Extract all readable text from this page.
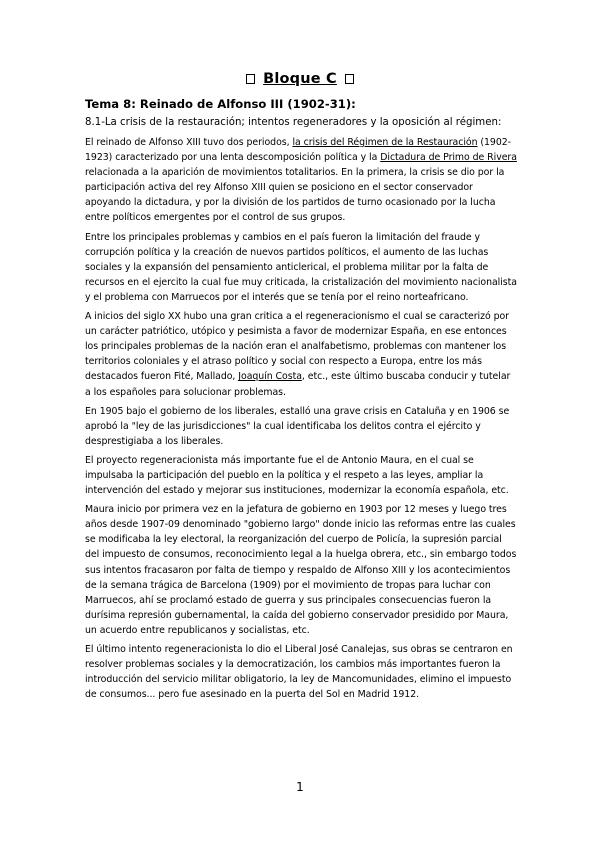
Bloque C
Tema 8: Reinado de Alfonso III (1902-31):
8.1-La crisis de la restauración; intentos regeneradores y la oposición al régimen:

El reinado de Alfonso XIII tuvo dos periodos, la crisis del Régimen de la Restauración (1902-1923) caracterizado por una lenta descomposición política y la Dictadura de Primo de Rivera relacionada a la aparición de movimientos totalitarios. En la primera, la crisis se dio por la participación activa del rey Alfonso XIII quien se posiciono en el sector conservador apoyando la dictadura, y por la división de los partidos de turno ocasionado por la lucha entre políticos emergentes por el control de sus grupos.

Entre los principales problemas y cambios en el país fueron la limitación del fraude y corrupción política y la creación de nuevos partidos políticos, el aumento de las luchas sociales y la expansión del pensamiento anticlerical, el problema militar por la falta de recursos en el ejercito la cual fue muy criticada, la cristalización del movimiento nacionalista y el problema con Marruecos por el interés que se tenía por el reino norteafricano.

A inicios del siglo XX hubo una gran critica a el regeneracionismo el cual se caracterizó por un carácter patriótico, utópico y pesimista a favor de modernizar España, en ese entonces los principales problemas de la nación eran el analfabetismo, problemas con mantener los territorios coloniales y el atraso político y social con respecto a Europa, entre los más destacados fueron Fité, Mallado, Joaquín Costa, etc., este último buscaba conducir y tutelar a los españoles para solucionar problemas.

En 1905 bajo el gobierno de los liberales, estalló una grave crisis en Cataluña y en 1906 se aprobó la "ley de las jurisdicciones" la cual identificaba los delitos contra el ejército y desprestigiaba a los liberales.

El proyecto regeneracionista más importante fue el de Antonio Maura, en el cual se impulsaba la participación del pueblo en la política y el respeto a las leyes, ampliar la intervención del estado y mejorar sus instituciones, modernizar la economía española, etc.

Maura inicio por primera vez en la jefatura de gobierno en 1903 por 12 meses y luego tres años desde 1907-09 denominado "gobierno largo" donde inicio las reformas entre las cuales se modificaba la ley electoral, la reorganización del cuerpo de Policía, la supresión parcial del impuesto de consumos, reconocimiento legal a la huelga obrera, etc., sin embargo todos sus intentos fracasaron por falta de tiempo y respaldo de Alfonso XIII y los acontecimientos de la semana trágica de Barcelona (1909) por el movimiento de tropas para luchar con Marruecos, ahí se proclamó estado de guerra y sus principales consecuencias fueron la durísima represión gubernamental, la caída del gobierno conservador presidido por Maura, un acuerdo entre republicanos y socialistas, etc.

El último intento regeneracionista lo dio el Liberal José Canalejas, sus obras se centraron en resolver problemas sociales y la democratización, los cambios más importantes fueron la introducción del servicio militar obligatorio, la ley de Mancomunidades, elimino el impuesto de consumos... pero fue asesinado en la puerta del Sol en Madrid 1912.

1
